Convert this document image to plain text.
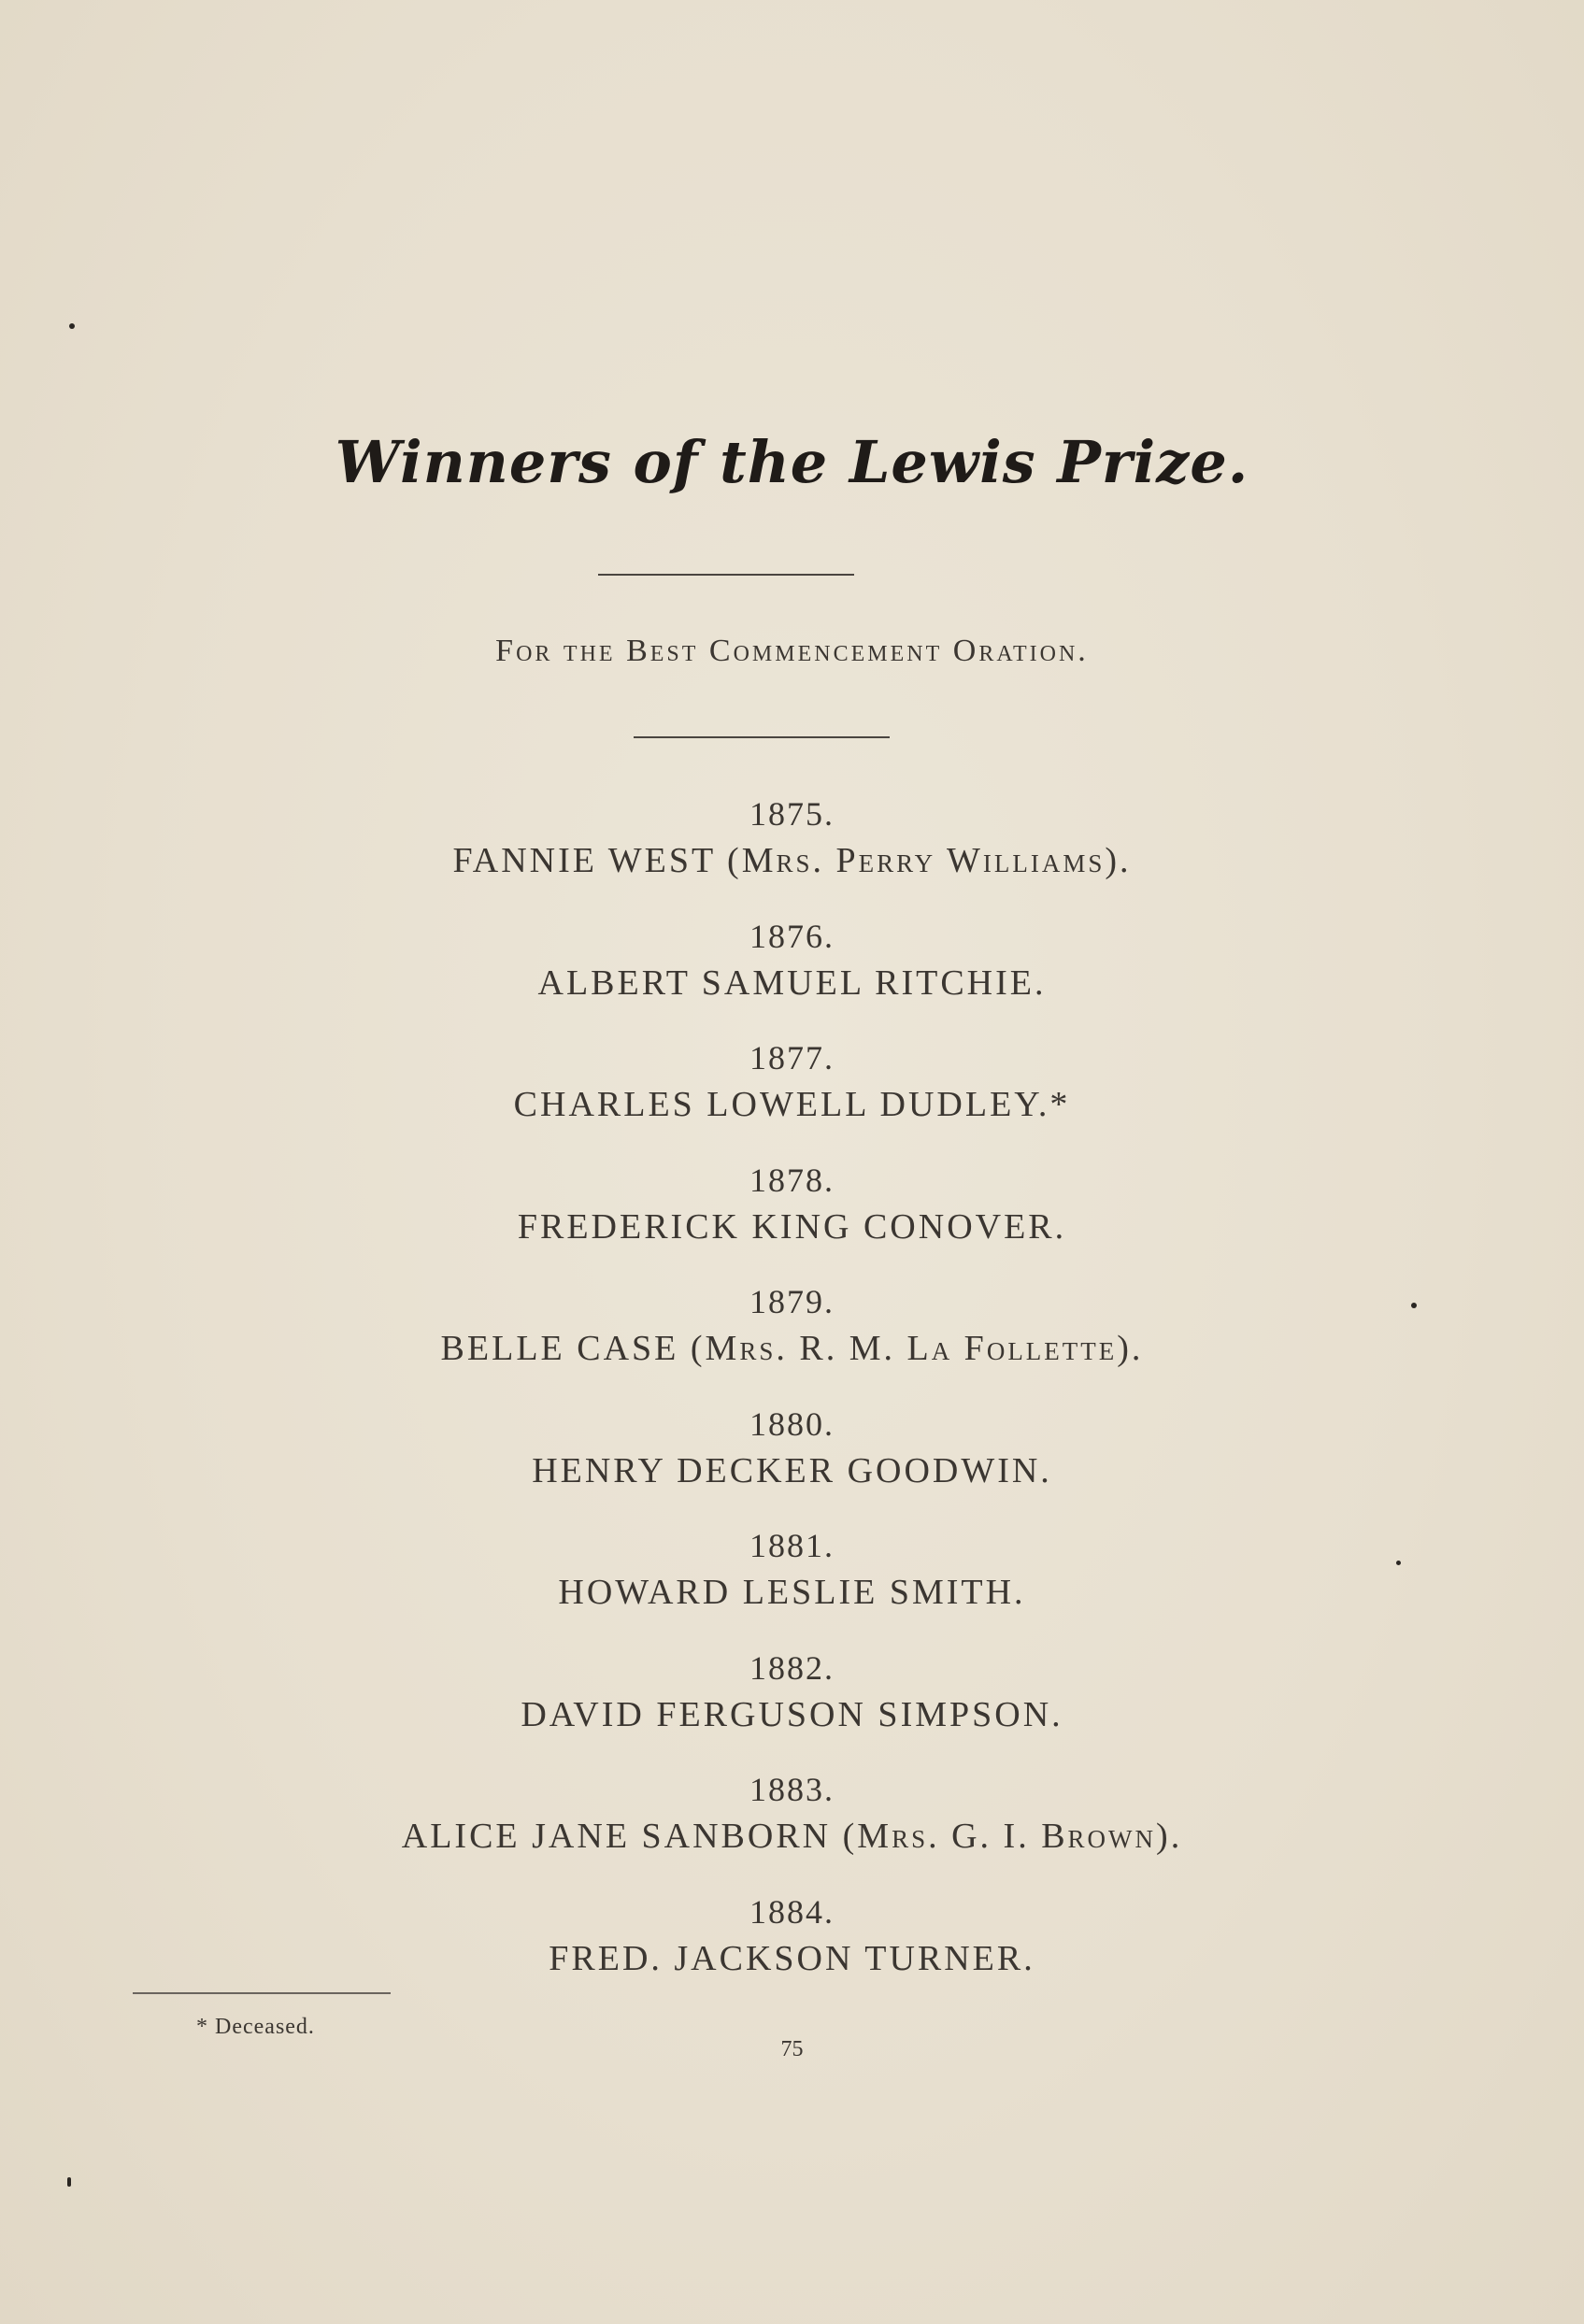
Winners of the Lewis Prize.
For the Best Commencement Oration.
1875.
FANNIE WEST (Mrs. Perry Williams).
1876.
ALBERT SAMUEL RITCHIE.
1877.
CHARLES LOWELL DUDLEY.*
1878.
FREDERICK KING CONOVER.
1879.
BELLE CASE (Mrs. R. M. La Follette).
1880.
HENRY DECKER GOODWIN.
1881.
HOWARD LESLIE SMITH.
1882.
DAVID FERGUSON SIMPSON.
1883.
ALICE JANE SANBORN (Mrs. G. I. Brown).
1884.
FRED. JACKSON TURNER.
* Deceased.
75
